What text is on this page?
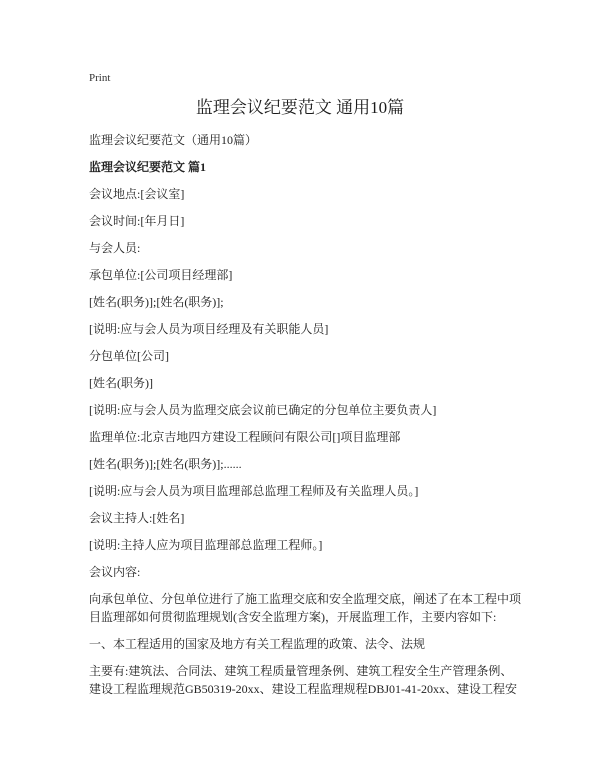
Print
监理会议纪要范文 通用10篇

监理会议纪要范文（通用10篇）

监理会议纪要范文 篇1

会议地点:[会议室]

会议时间:[年月日]

与会人员:

承包单位:[公司项目经理部]

[姓名(职务)];[姓名(职务)];

[说明:应与会人员为项目经理及有关职能人员]

分包单位[公司]

[姓名(职务)]

[说明:应与会人员为监理交底会议前已确定的分包单位主要负责人]

监理单位:北京吉地四方建设工程顾问有限公司[]项目监理部

[姓名(职务)];[姓名(职务)];......

[说明:应与会人员为项目监理部总监理工程师及有关监理人员。]

会议主持人:[姓名]

[说明:主持人应为项目监理部总监理工程师。]

会议内容:

向承包单位、分包单位进行了施工监理交底和安全监理交底，阐述了在本工程中项
目监理部如何贯彻监理规划(含安全监理方案)，开展监理工作，主要内容如下:

一、本工程适用的国家及地方有关工程监理的政策、法令、法规

主要有:建筑法、合同法、建筑工程质量管理条例、建筑工程安全生产管理条例、
建设工程监理规范GB50319-20xx、建设工程监理规程DBJ01-41-20xx、建设工程安
